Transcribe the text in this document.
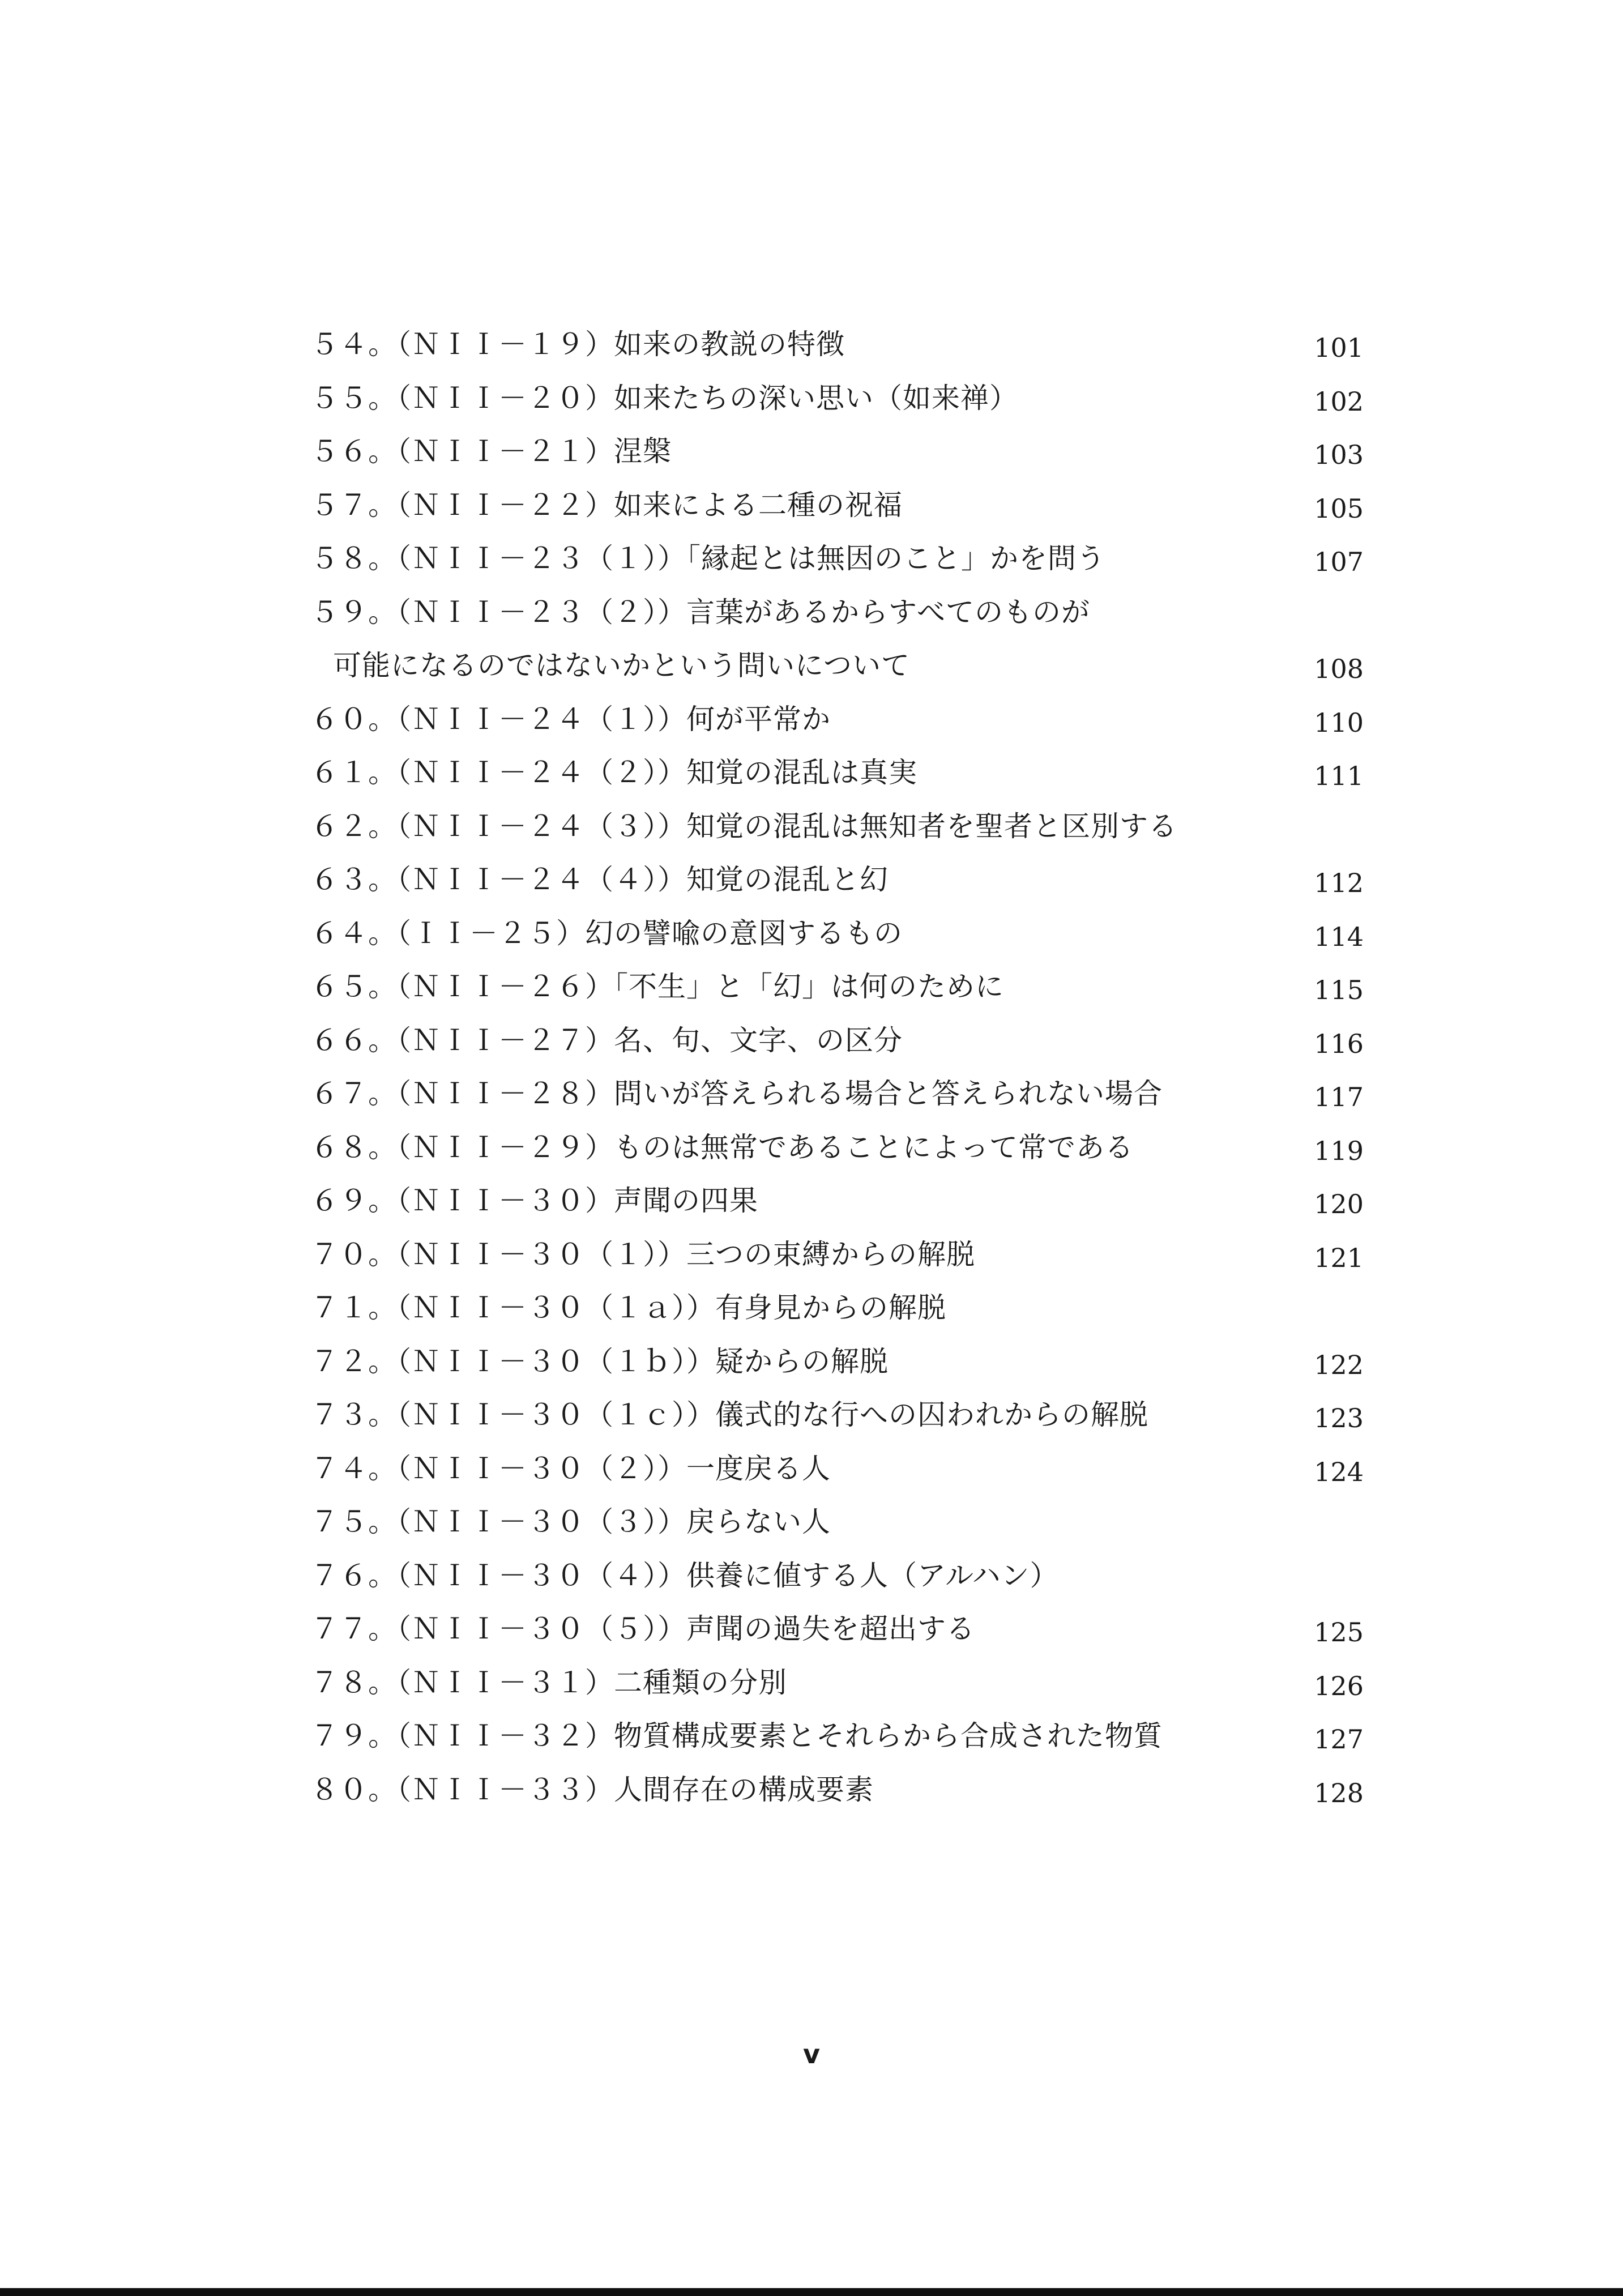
５４。（ＮＩＩ－１９）如来の教説の特徴	101
５５。（ＮＩＩ－２０）如来たちの深い思い（如来禅）	102
５６。（ＮＩＩ－２１）涅槃	103
５７。（ＮＩＩ－２２）如来による二種の祝福	105
５８。（ＮＩＩ－２３（１））「縁起とは無因のこと」かを問う	107
５９。（ＮＩＩ－２３（２））言葉があるからすべてのものが
可能になるのではないかという問いについて	108
６０。（ＮＩＩ－２４（１））何が平常か	110
６１。（ＮＩＩ－２４（２））知覚の混乱は真実	111
６２。（ＮＩＩ－２４（３））知覚の混乱は無知者を聖者と区別する
６３。（ＮＩＩ－２４（４））知覚の混乱と幻	112
６４。（ＩＩ－２５）幻の譬喩の意図するもの	114
６５。（ＮＩＩ－２６）「不生」と「幻」は何のために	115
６６。（ＮＩＩ－２７）名、句、文字、の区分	116
６７。（ＮＩＩ－２８）問いが答えられる場合と答えられない場合	117
６８。（ＮＩＩ－２９）ものは無常であることによって常である	119
６９。（ＮＩＩ－３０）声聞の四果	120
７０。（ＮＩＩ－３０（１））三つの束縛からの解脱	121
７１。（ＮＩＩ－３０（１ａ））有身見からの解脱
７２。（ＮＩＩ－３０（１ｂ））疑からの解脱	122
７３。（ＮＩＩ－３０（１ｃ））儀式的な行への囚われからの解脱	123
７４。（ＮＩＩ－３０（２））一度戻る人	124
７５。（ＮＩＩ－３０（３））戻らない人
７６。（ＮＩＩ－３０（４））供養に値する人（アルハン）
７７。（ＮＩＩ－３０（５））声聞の過失を超出する	125
７８。（ＮＩＩ－３１）二種類の分別	126
７９。（ＮＩＩ－３２）物質構成要素とそれらから合成された物質	127
８０。（ＮＩＩ－３３）人間存在の構成要素	128
v
